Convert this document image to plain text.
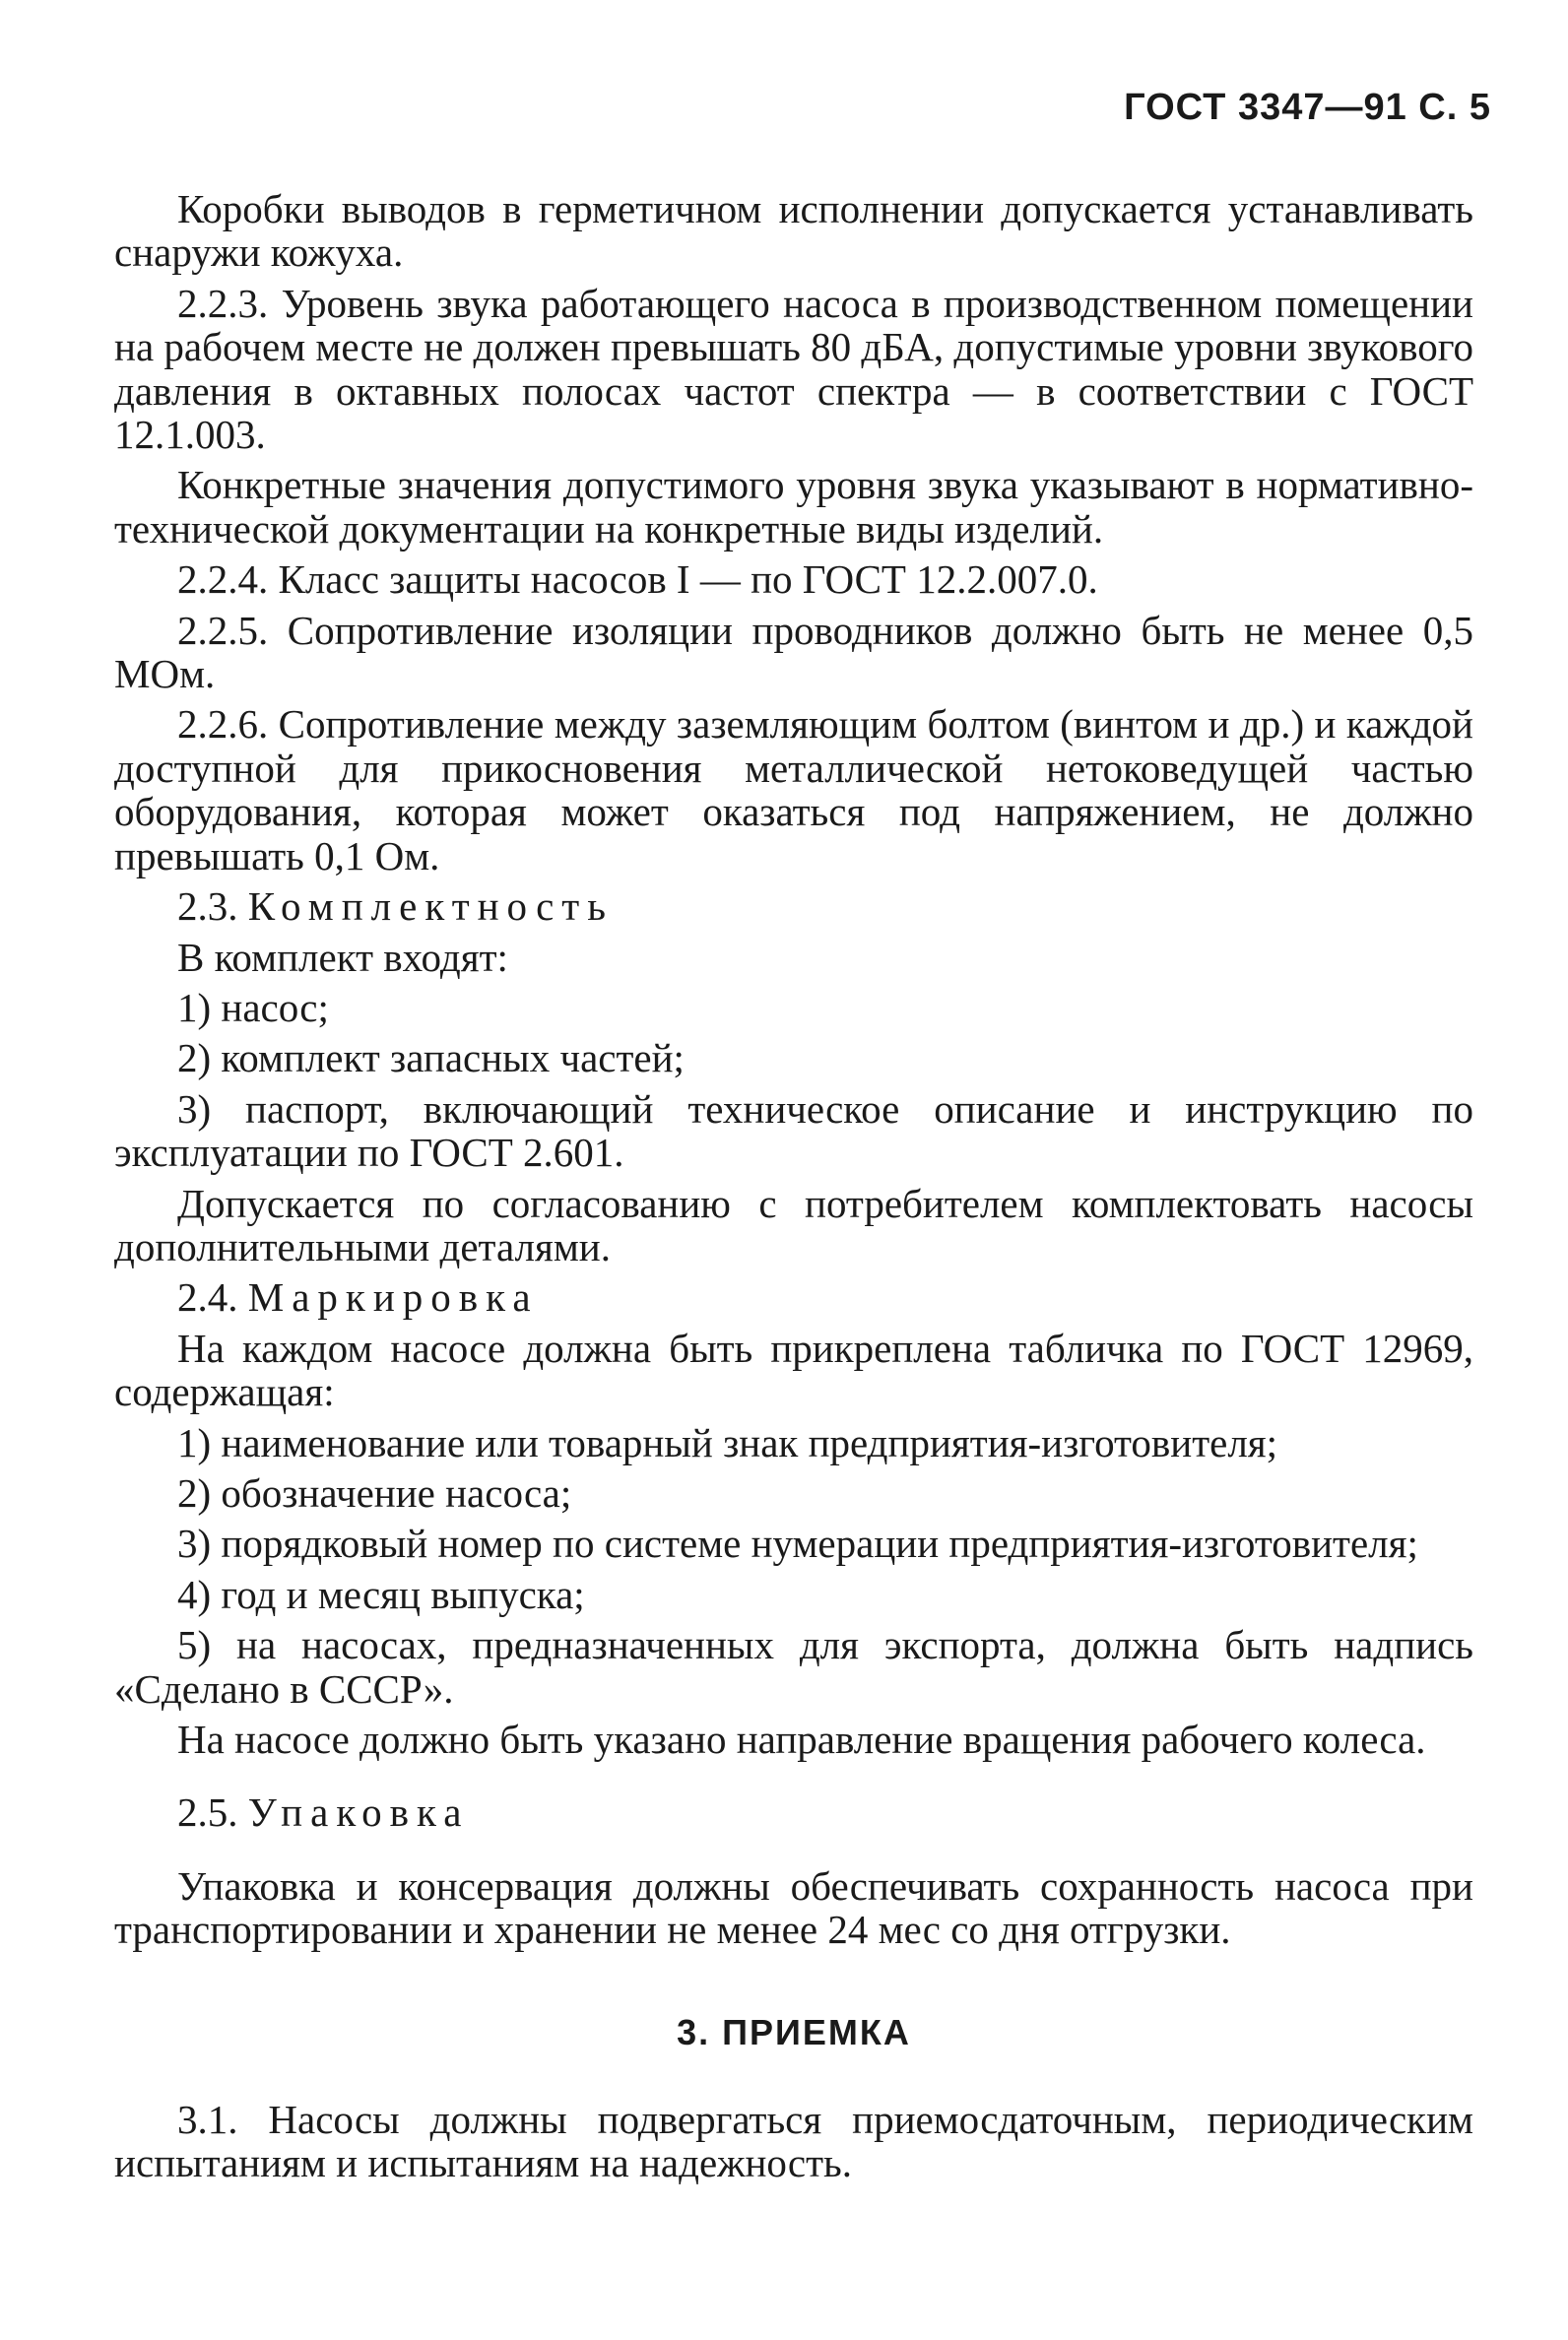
ГОСТ 3347—91 С. 5

Коробки выводов в герметичном исполнении допускается устанавливать снаружи кожуха.

2.2.3. Уровень звука работающего насоса в производственном помещении на рабочем месте не должен превышать 80 дБА, допустимые уровни звукового давления в октавных полосах частот спектра — в соответствии с ГОСТ 12.1.003.

Конкретные значения допустимого уровня звука указывают в нормативно-технической документации на конкретные виды изделий.

2.2.4. Класс защиты насосов I — по ГОСТ 12.2.007.0.

2.2.5. Сопротивление изоляции проводников должно быть не менее 0,5 МОм.

2.2.6. Сопротивление между заземляющим болтом (винтом и др.) и каждой доступной для прикосновения металлической нетоковедущей частью оборудования, которая может оказаться под напряжением, не должно превышать 0,1 Ом.

2.3. Комплектность

В комплект входят:

1) насос;

2) комплект запасных частей;

3) паспорт, включающий техническое описание и инструкцию по эксплуатации по ГОСТ 2.601.

Допускается по согласованию с потребителем комплектовать насосы дополнительными деталями.

2.4. Маркировка

На каждом насосе должна быть прикреплена табличка по ГОСТ 12969, содержащая:

1) наименование или товарный знак предприятия-изготовителя;

2) обозначение насоса;

3) порядковый номер по системе нумерации предприятия-изготовителя;

4) год и месяц выпуска;

5) на насосах, предназначенных для экспорта, должна быть надпись «Сделано в СССР».

На насосе должно быть указано направление вращения рабочего колеса.

2.5. Упаковка

Упаковка и консервация должны обеспечивать сохранность насоса при транспортировании и хранении не менее 24 мес со дня отгрузки.

3. ПРИЕМКА

3.1. Насосы должны подвергаться приемосдаточным, периодическим испытаниям и испытаниям на надежность.
